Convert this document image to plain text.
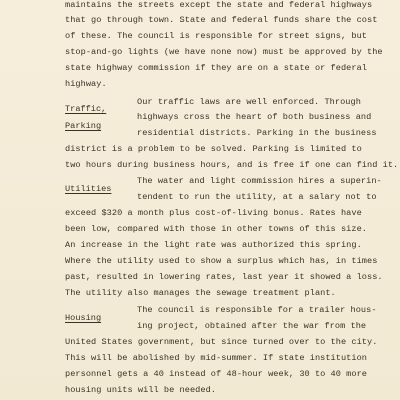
maintains the streets except the state and federal highways
that go through town. State and federal funds share the cost
of these. The council is responsible for street signs, but
stop-and-go lights (we have none now) must be approved by the
state highway commission if they are on a state or federal
highway.
Our traffic laws are well enforced. Through
Traffic,
highways cross the heart of both business and
Parking
residential districts. Parking in the business
district is a problem to be solved. Parking is limited to
two hours during business hours, and is free if one can find it.
The water and light commission hires a superin-
Utilities
tendent to run the utility, at a salary not to
exceed $320 a month plus cost-of-living bonus. Rates have
been low, compared with those in other towns of this size.
An increase in the light rate was authorized this spring.
Where the utility used to show a surplus which has, in times
past, resulted in lowering rates, last year it showed a loss.
The utility also manages the sewage treatment plant.
The council is responsible for a trailer hous-
Housing
ing project, obtained after the war from the
United States government, but since turned over to the city.
This will be abolished by mid-summer. If state institution
personnel gets a 40 instead of 48-hour week, 30 to 40 more
housing units will be needed.
